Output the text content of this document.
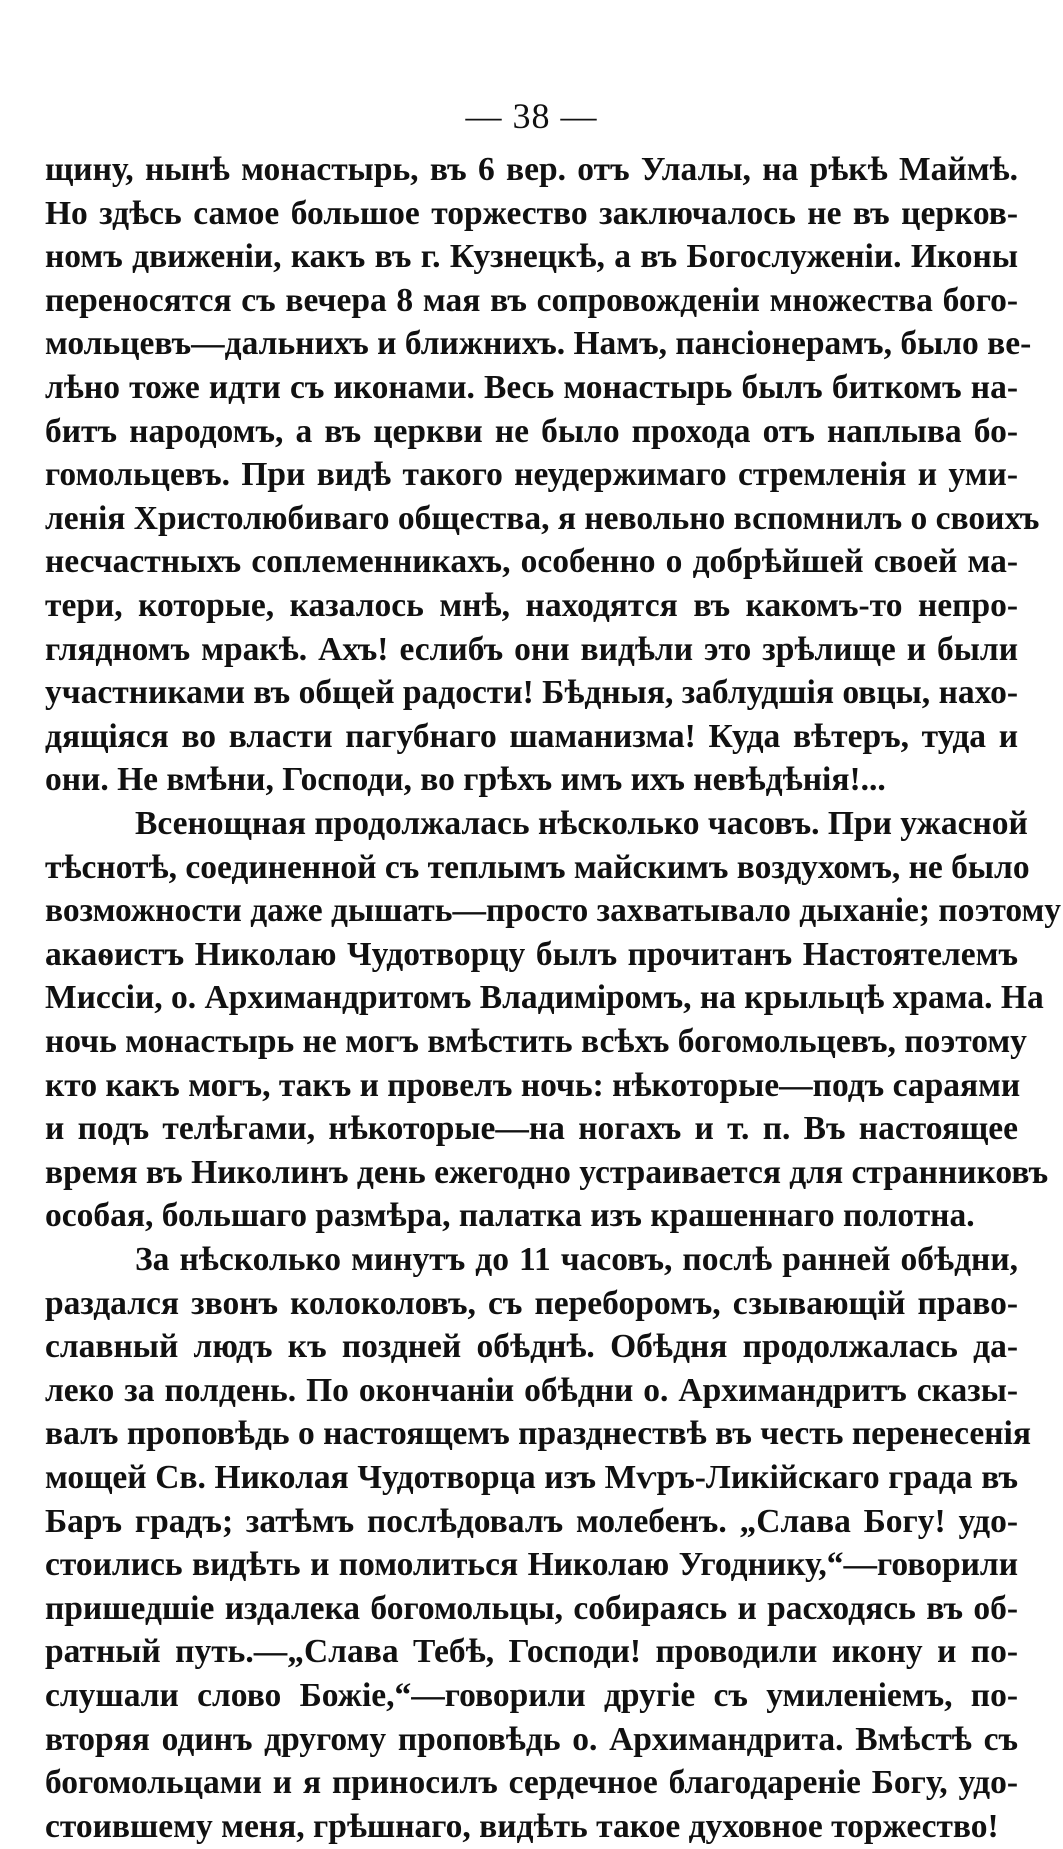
— 38 —
щину, нынѣ монастырь, въ 6 вер. отъ Улалы, на рѣкѣ Маймѣ.
Но здѣсь самое большое торжество заключалось не въ церков-
номъ движеніи, какъ въ г. Кузнецкѣ, а въ Богослуженіи. Иконы
переносятся съ вечера 8 мая въ сопровожденіи множества бого-
мольцевъ—дальнихъ и ближнихъ. Намъ, пансіонерамъ, было ве-
лѣно тоже идти съ иконами. Весь монастырь былъ биткомъ на-
битъ народомъ, а въ церкви не было прохода отъ наплыва бо-
гомольцевъ. При видѣ такого неудержимаго стремленія и уми-
ленія Христолюбиваго общества, я невольно вспомнилъ о своихъ
несчастныхъ соплеменникахъ, особенно о добрѣйшей своей ма-
тери, которые, казалось мнѣ, находятся въ какомъ-то непро-
глядномъ мракѣ. Ахъ! еслибъ они видѣли это зрѣлище и были
участниками въ общей радости! Бѣдныя, заблудшія овцы, нахо-
дящіяся во власти пагубнаго шаманизма! Куда вѣтеръ, туда и
они. Не вмѣни, Господи, во грѣхъ имъ ихъ невѣдѣнія!...
Всенощная продолжалась нѣсколько часовъ. При ужасной
тѣснотѣ, соединенной съ теплымъ майскимъ воздухомъ, не было
возможности даже дышать—просто захватывало дыханіе; поэтому
акаѳистъ Николаю Чудотворцу былъ прочитанъ Настоятелемъ
Миссіи, о. Архимандритомъ Владиміромъ, на крыльцѣ храма. На
ночь монастырь не могъ вмѣстить всѣхъ богомольцевъ, поэтому
кто какъ могъ, такъ и провелъ ночь: нѣкоторые—подъ сараями
и подъ телѣгами, нѣкоторые—на ногахъ и т. п. Въ настоящее
время въ Николинъ день ежегодно устраивается для странниковъ
особая, большаго размѣра, палатка изъ крашеннаго полотна.
За нѣсколько минутъ до 11 часовъ, послѣ ранней обѣдни,
раздался звонъ колоколовъ, съ переборомъ, сзывающій право-
славный людъ къ поздней обѣднѣ. Обѣдня продолжалась да-
леко за полдень. По окончаніи обѣдни о. Архимандритъ сказы-
валъ проповѣдь о настоящемъ празднествѣ въ честь перенесенія
мощей Св. Николая Чудотворца изъ Мѵръ-Ликійскаго града въ
Баръ градъ; затѣмъ послѣдовалъ молебенъ. „Слава Богу! удо-
стоились видѣть и помолиться Николаю Угоднику,“—говорили
пришедшіе издалека богомольцы, собираясь и расходясь въ об-
ратный путь.—„Слава Тебѣ, Господи! проводили икону и по-
слушали слово Божіе,“—говорили другіе съ умиленіемъ, по-
вторяя одинъ другому проповѣдь о. Архимандрита. Вмѣстѣ съ
богомольцами и я приносилъ сердечное благодареніе Богу, удо-
стоившему меня, грѣшнаго, видѣть такое духовное торжество!
